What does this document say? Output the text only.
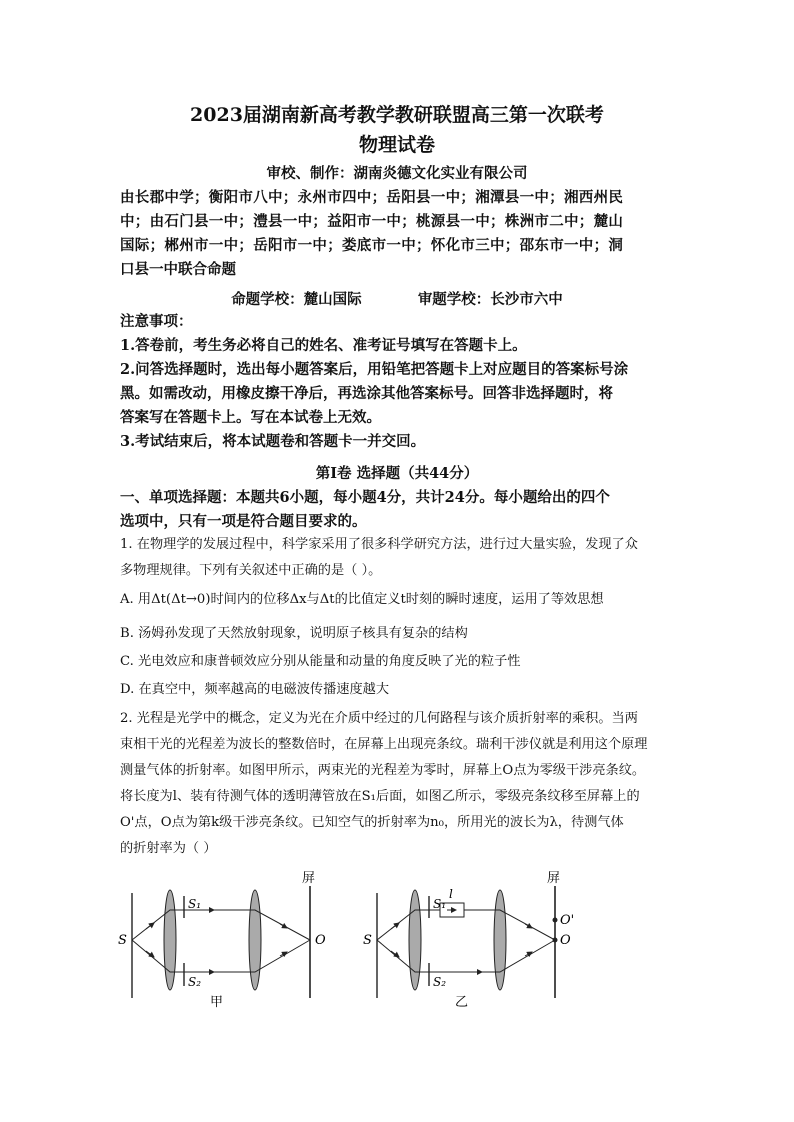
2023届湖南新高考教学教研联盟高三第一次联考
物理试卷
审校、制作：湖南炎德文化实业有限公司
由长郡中学；衡阳市八中；永州市四中；岳阳县一中；湘潭县一中；湘西州民
中；由石门县一中；澧县一中；益阳市一中；桃源县一中；株洲市二中；麓山
国际；郴州市一中；岳阳市一中；娄底市一中；怀化市三中；邵东市一中；洞
口县一中联合命题
命题学校：麓山国际	审题学校：长沙市六中
注意事项：
1.答卷前，考生务必将自己的姓名、准考证号填写在答题卡上。
2.问答选择题时，选出每小题答案后，用铅笔把答题卡上对应题目的答案标号涂
黑。如需改动，用橡皮擦干净后，再选涂其他答案标号。回答非选择题时，将
答案写在答题卡上。写在本试卷上无效。
3.考试结束后，将本试题卷和答题卡一并交回。
第Ⅰ卷 选择题（共44分）
一、单项选择题：本题共6小题，每小题4分，共计24分。每小题给出的四个
选项中，只有一项是符合题目要求的。
1. 在物理学的发展过程中，科学家采用了很多科学研究方法，进行过大量实验，发现了众
多物理规律。下列有关叙述中正确的是（ ）。
A. 用Δt(Δt→0)时间内的位移Δx与Δt的比值定义t时刻的瞬时速度，运用了等效思想
B. 汤姆孙发现了天然放射现象，说明原子核具有复杂的结构
C. 光电效应和康普顿效应分别从能量和动量的角度反映了光的粒子性
D. 在真空中，频率越高的电磁波传播速度越大
2. 光程是光学中的概念，定义为光在介质中经过的几何路程与该介质折射率的乘积。当两
束相干光的光程差为波长的整数倍时，在屏幕上出现亮条纹。瑞利干涉仪就是利用这个原理
测量气体的折射率。如图甲所示，两束光的光程差为零时，屏幕上O点为零级干涉亮条纹。
将长度为l、装有待测气体的透明薄管放在S₁后面，如图乙所示，零级亮条纹移至屏幕上的
O'点，O点为第k级干涉亮条纹。已知空气的折射率为n₀，所用光的波长为λ，待测气体
的折射率为（ ）
屏
S
S₁
S₂
O
甲
屏
S
S₁
S₂
l
O'
O
乙
